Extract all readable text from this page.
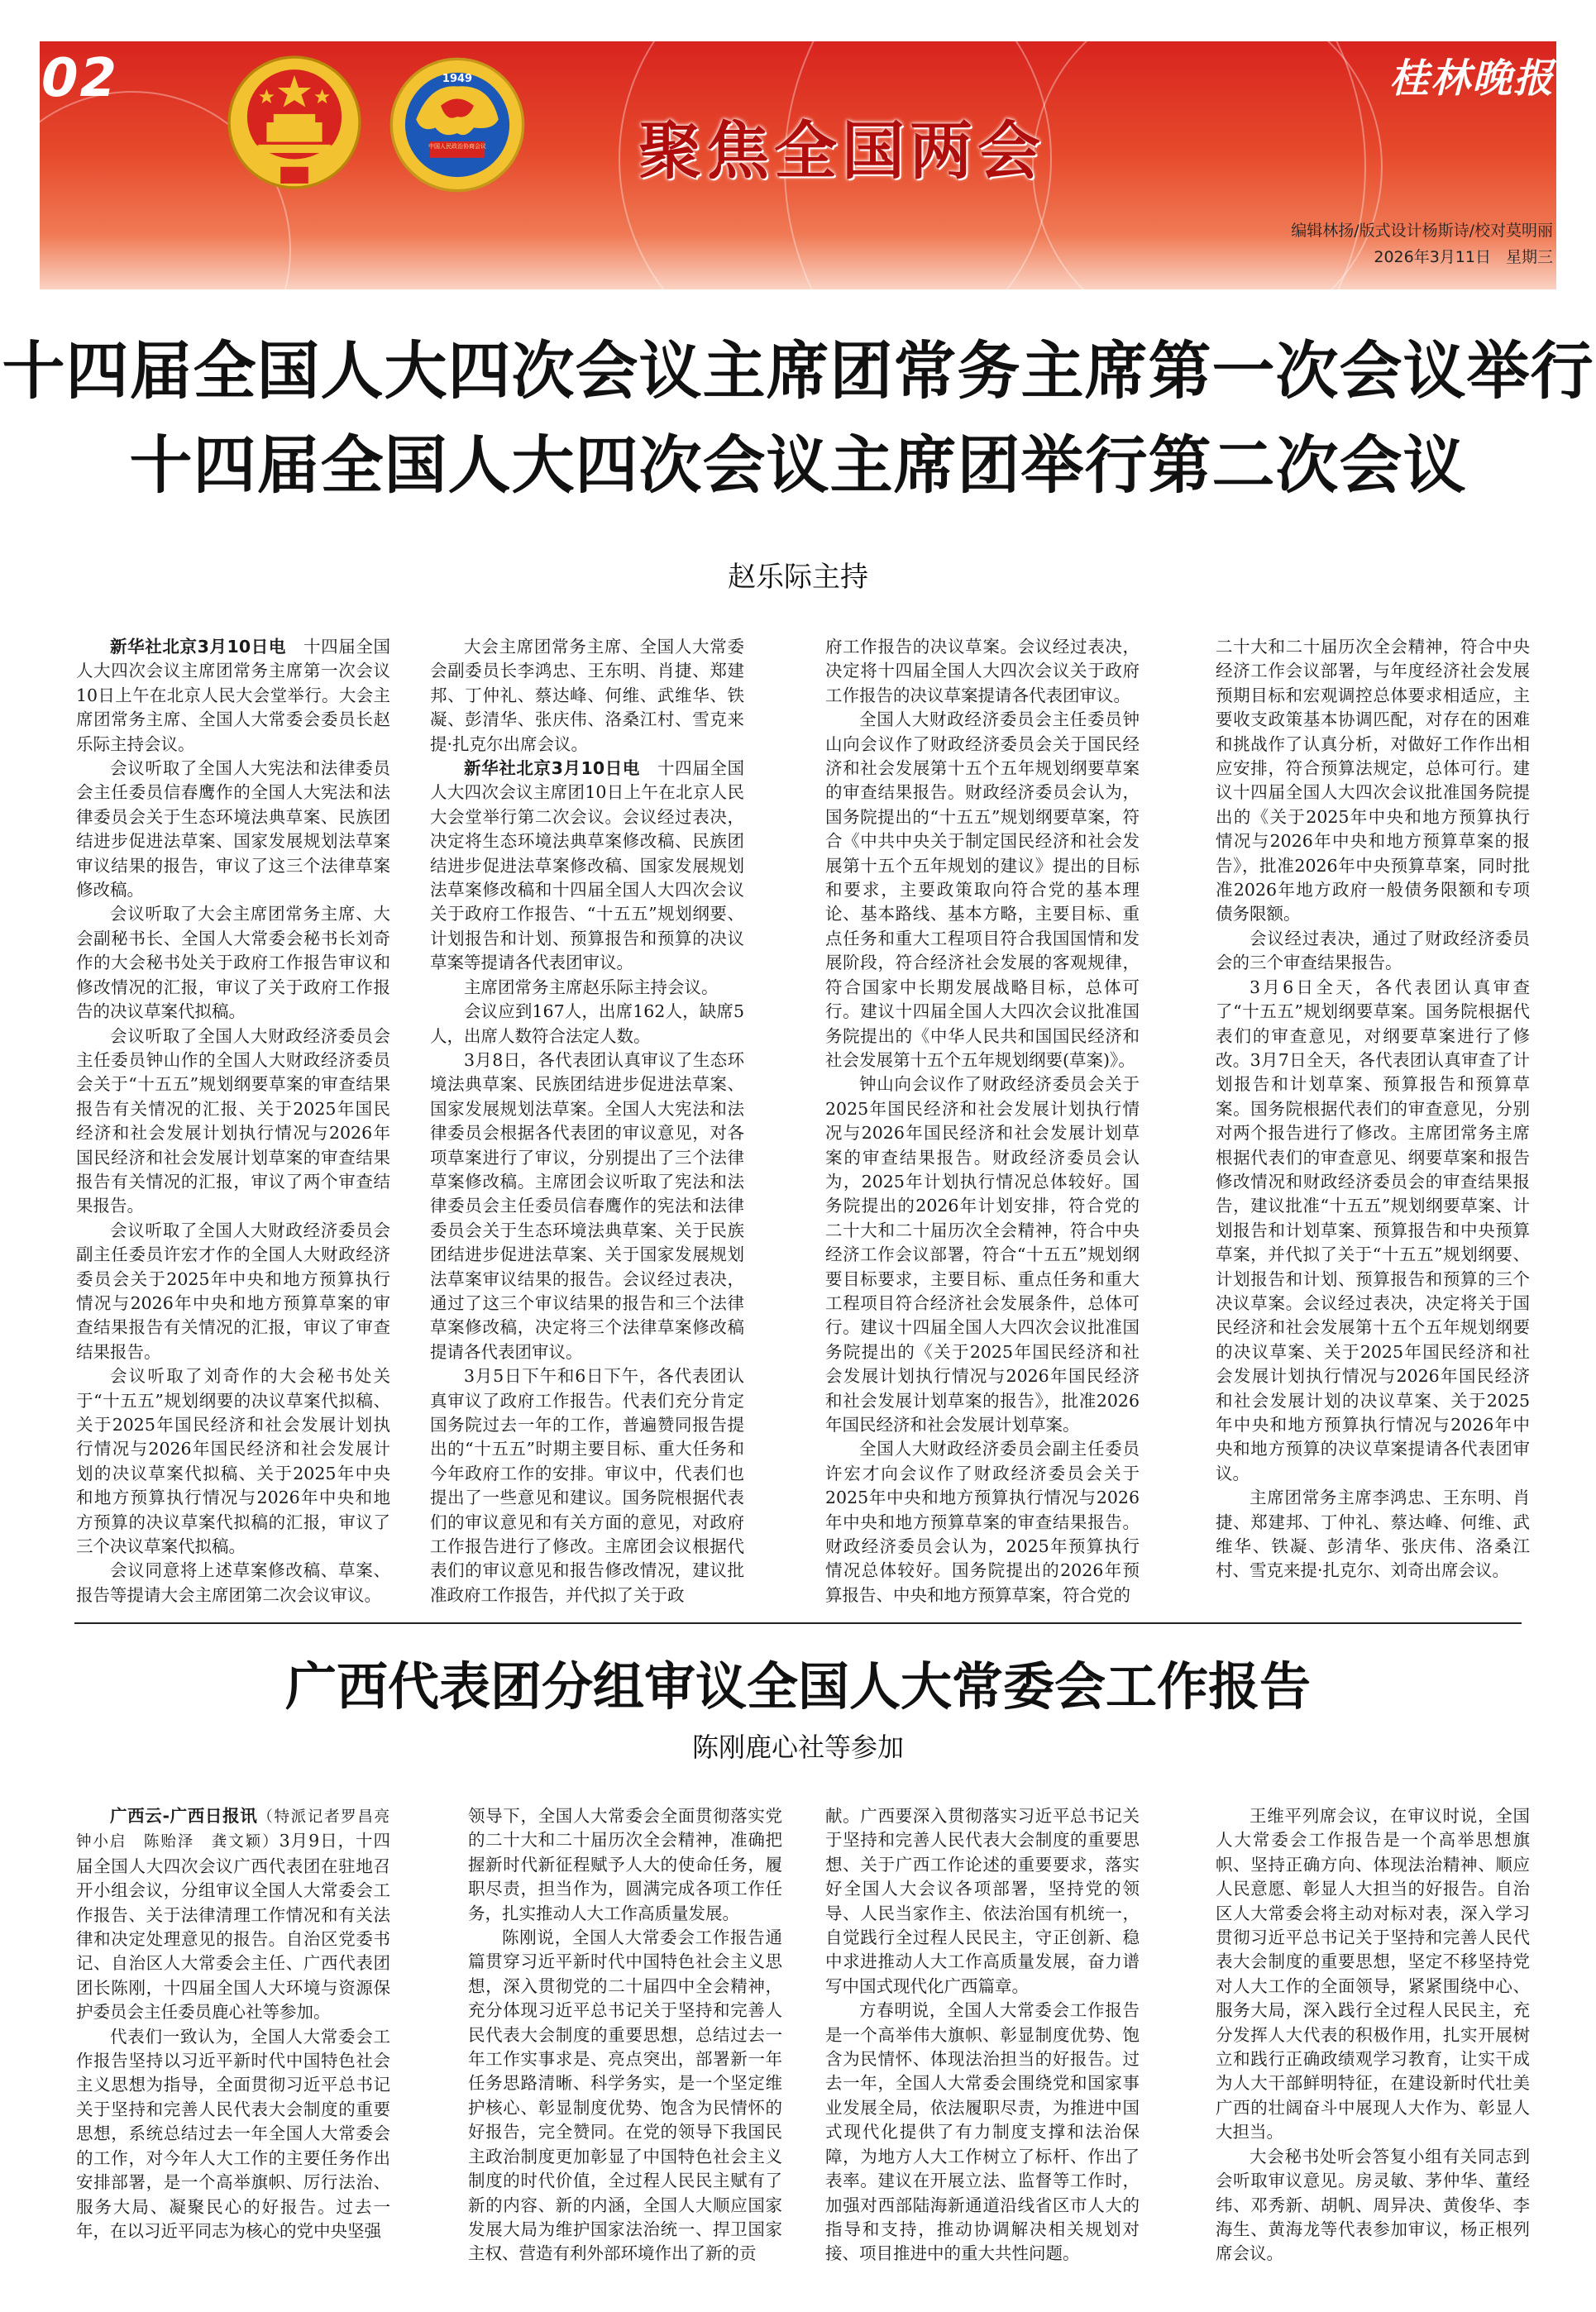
02	1949
中国人民政治协商会议 聚焦全国两会
桂林晚报
编辑林扬/版式设计杨斯诗/校对莫明丽
2026年3月11日 星期三
十四届全国人大四次会议主席团常务主席第一次会议举行
十四届全国人大四次会议主席团举行第二次会议
赵乐际主持

新华社北京3月10日电　十四届全国人大四次会议主席团常务主席第一次会议10日上午在北京人民大会堂举行。大会主席团常务主席、全国人大常委会委员长赵乐际主持会议。

会议听取了全国人大宪法和法律委员会主任委员信春鹰作的全国人大宪法和法律委员会关于生态环境法典草案、民族团结进步促进法草案、国家发展规划法草案审议结果的报告，审议了这三个法律草案修改稿。

会议听取了大会主席团常务主席、大会副秘书长、全国人大常委会秘书长刘奇作的大会秘书处关于政府工作报告审议和修改情况的汇报，审议了关于政府工作报告的决议草案代拟稿。

会议听取了全国人大财政经济委员会主任委员钟山作的全国人大财政经济委员会关于“十五五”规划纲要草案的审查结果报告有关情况的汇报、关于2025年国民经济和社会发展计划执行情况与2026年国民经济和社会发展计划草案的审查结果报告有关情况的汇报，审议了两个审查结果报告。

会议听取了全国人大财政经济委员会副主任委员许宏才作的全国人大财政经济委员会关于2025年中央和地方预算执行情况与2026年中央和地方预算草案的审查结果报告有关情况的汇报，审议了审查结果报告。

会议听取了刘奇作的大会秘书处关于“十五五”规划纲要的决议草案代拟稿、关于2025年国民经济和社会发展计划执行情况与2026年国民经济和社会发展计划的决议草案代拟稿、关于2025年中央和地方预算执行情况与2026年中央和地方预算的决议草案代拟稿的汇报，审议了三个决议草案代拟稿。

会议同意将上述草案修改稿、草案、报告等提请大会主席团第二次会议审议。

大会主席团常务主席、全国人大常委会副委员长李鸿忠、王东明、肖捷、郑建邦、丁仲礼、蔡达峰、何维、武维华、铁凝、彭清华、张庆伟、洛桑江村、雪克来提·扎克尔出席会议。

新华社北京3月10日电　十四届全国人大四次会议主席团10日上午在北京人民大会堂举行第二次会议。会议经过表决，决定将生态环境法典草案修改稿、民族团结进步促进法草案修改稿、国家发展规划法草案修改稿和十四届全国人大四次会议关于政府工作报告、“十五五”规划纲要、计划报告和计划、预算报告和预算的决议草案等提请各代表团审议。

主席团常务主席赵乐际主持会议。

会议应到167人，出席162人，缺席5人，出席人数符合法定人数。

3月8日，各代表团认真审议了生态环境法典草案、民族团结进步促进法草案、国家发展规划法草案。全国人大宪法和法律委员会根据各代表团的审议意见，对各项草案进行了审议，分别提出了三个法律草案修改稿。主席团会议听取了宪法和法律委员会主任委员信春鹰作的宪法和法律委员会关于生态环境法典草案、关于民族团结进步促进法草案、关于国家发展规划法草案审议结果的报告。会议经过表决，通过了这三个审议结果的报告和三个法律草案修改稿，决定将三个法律草案修改稿提请各代表团审议。

3月5日下午和6日下午，各代表团认真审议了政府工作报告。代表们充分肯定国务院过去一年的工作，普遍赞同报告提出的“十五五”时期主要目标、重大任务和今年政府工作的安排。审议中，代表们也提出了一些意见和建议。国务院根据代表们的审议意见和有关方面的意见，对政府工作报告进行了修改。主席团会议根据代表们的审议意见和报告修改情况，建议批准政府工作报告，并代拟了关于政

府工作报告的决议草案。会议经过表决，决定将十四届全国人大四次会议关于政府工作报告的决议草案提请各代表团审议。

全国人大财政经济委员会主任委员钟山向会议作了财政经济委员会关于国民经济和社会发展第十五个五年规划纲要草案的审查结果报告。财政经济委员会认为，国务院提出的“十五五”规划纲要草案，符合《中共中央关于制定国民经济和社会发展第十五个五年规划的建议》提出的目标和要求，主要政策取向符合党的基本理论、基本路线、基本方略，主要目标、重点任务和重大工程项目符合我国国情和发展阶段，符合经济社会发展的客观规律，符合国家中长期发展战略目标，总体可行。建议十四届全国人大四次会议批准国务院提出的《中华人民共和国国民经济和社会发展第十五个五年规划纲要(草案)》。

钟山向会议作了财政经济委员会关于2025年国民经济和社会发展计划执行情况与2026年国民经济和社会发展计划草案的审查结果报告。财政经济委员会认为，2025年计划执行情况总体较好。国务院提出的2026年计划安排，符合党的二十大和二十届历次全会精神，符合中央经济工作会议部署，符合“十五五”规划纲要目标要求，主要目标、重点任务和重大工程项目符合经济社会发展条件，总体可行。建议十四届全国人大四次会议批准国务院提出的《关于2025年国民经济和社会发展计划执行情况与2026年国民经济和社会发展计划草案的报告》，批准2026年国民经济和社会发展计划草案。

全国人大财政经济委员会副主任委员许宏才向会议作了财政经济委员会关于2025年中央和地方预算执行情况与2026年中央和地方预算草案的审查结果报告。财政经济委员会认为，2025年预算执行情况总体较好。国务院提出的2026年预算报告、中央和地方预算草案，符合党的

二十大和二十届历次全会精神，符合中央经济工作会议部署，与年度经济社会发展预期目标和宏观调控总体要求相适应，主要收支政策基本协调匹配，对存在的困难和挑战作了认真分析，对做好工作作出相应安排，符合预算法规定，总体可行。建议十四届全国人大四次会议批准国务院提出的《关于2025年中央和地方预算执行情况与2026年中央和地方预算草案的报告》，批准2026年中央预算草案，同时批准2026年地方政府一般债务限额和专项债务限额。

会议经过表决，通过了财政经济委员会的三个审查结果报告。

3月6日全天，各代表团认真审查了“十五五”规划纲要草案。国务院根据代表们的审查意见，对纲要草案进行了修改。3月7日全天，各代表团认真审查了计划报告和计划草案、预算报告和预算草案。国务院根据代表们的审查意见，分别对两个报告进行了修改。主席团常务主席根据代表们的审查意见、纲要草案和报告修改情况和财政经济委员会的审查结果报告，建议批准“十五五”规划纲要草案、计划报告和计划草案、预算报告和中央预算草案，并代拟了关于“十五五”规划纲要、计划报告和计划、预算报告和预算的三个决议草案。会议经过表决，决定将关于国民经济和社会发展第十五个五年规划纲要的决议草案、关于2025年国民经济和社会发展计划执行情况与2026年国民经济和社会发展计划的决议草案、关于2025年中央和地方预算执行情况与2026年中央和地方预算的决议草案提请各代表团审议。

主席团常务主席李鸿忠、王东明、肖捷、郑建邦、丁仲礼、蔡达峰、何维、武维华、铁凝、彭清华、张庆伟、洛桑江村、雪克来提·扎克尔、刘奇出席会议。

广西代表团分组审议全国人大常委会工作报告
陈刚鹿心社等参加

广西云-广西日报讯（特派记者罗昌亮　钟小启　陈贻泽　龚文颖）3月9日，十四届全国人大四次会议广西代表团在驻地召开小组会议，分组审议全国人大常委会工作报告、关于法律清理工作情况和有关法律和决定处理意见的报告。自治区党委书记、自治区人大常委会主任、广西代表团团长陈刚，十四届全国人大环境与资源保护委员会主任委员鹿心社等参加。

代表们一致认为，全国人大常委会工作报告坚持以习近平新时代中国特色社会主义思想为指导，全面贯彻习近平总书记关于坚持和完善人民代表大会制度的重要思想，系统总结过去一年全国人大常委会的工作，对今年人大工作的主要任务作出安排部署，是一个高举旗帜、厉行法治、服务大局、凝聚民心的好报告。过去一年，在以习近平同志为核心的党中央坚强

领导下，全国人大常委会全面贯彻落实党的二十大和二十届历次全会精神，准确把握新时代新征程赋予人大的使命任务，履职尽责，担当作为，圆满完成各项工作任务，扎实推动人大工作高质量发展。

陈刚说，全国人大常委会工作报告通篇贯穿习近平新时代中国特色社会主义思想，深入贯彻党的二十届四中全会精神，充分体现习近平总书记关于坚持和完善人民代表大会制度的重要思想，总结过去一年工作实事求是、亮点突出，部署新一年任务思路清晰、科学务实，是一个坚定维护核心、彰显制度优势、饱含为民情怀的好报告，完全赞同。在党的领导下我国民主政治制度更加彰显了中国特色社会主义制度的时代价值，全过程人民民主赋有了新的内容、新的内涵，全国人大顺应国家发展大局为维护国家法治统一、捍卫国家主权、营造有利外部环境作出了新的贡

献。广西要深入贯彻落实习近平总书记关于坚持和完善人民代表大会制度的重要思想、关于广西工作论述的重要要求，落实好全国人大会议各项部署，坚持党的领导、人民当家作主、依法治国有机统一，自觉践行全过程人民民主，守正创新、稳中求进推动人大工作高质量发展，奋力谱写中国式现代化广西篇章。

方春明说，全国人大常委会工作报告是一个高举伟大旗帜、彰显制度优势、饱含为民情怀、体现法治担当的好报告。过去一年，全国人大常委会围绕党和国家事业发展全局，依法履职尽责，为推进中国式现代化提供了有力制度支撑和法治保障，为地方人大工作树立了标杆、作出了表率。建议在开展立法、监督等工作时，加强对西部陆海新通道沿线省区市人大的指导和支持，推动协调解决相关规划对接、项目推进中的重大共性问题。

王维平列席会议，在审议时说，全国人大常委会工作报告是一个高举思想旗帜、坚持正确方向、体现法治精神、顺应人民意愿、彰显人大担当的好报告。自治区人大常委会将主动对标对表，深入学习贯彻习近平总书记关于坚持和完善人民代表大会制度的重要思想，坚定不移坚持党对人大工作的全面领导，紧紧围绕中心、服务大局，深入践行全过程人民民主，充分发挥人大代表的积极作用，扎实开展树立和践行正确政绩观学习教育，让实干成为人大干部鲜明特征，在建设新时代壮美广西的壮阔奋斗中展现人大作为、彰显人大担当。

大会秘书处听会答复小组有关同志到会听取审议意见。房灵敏、茅仲华、董经纬、邓秀新、胡帆、周异决、黄俊华、李海生、黄海龙等代表参加审议，杨正根列席会议。
